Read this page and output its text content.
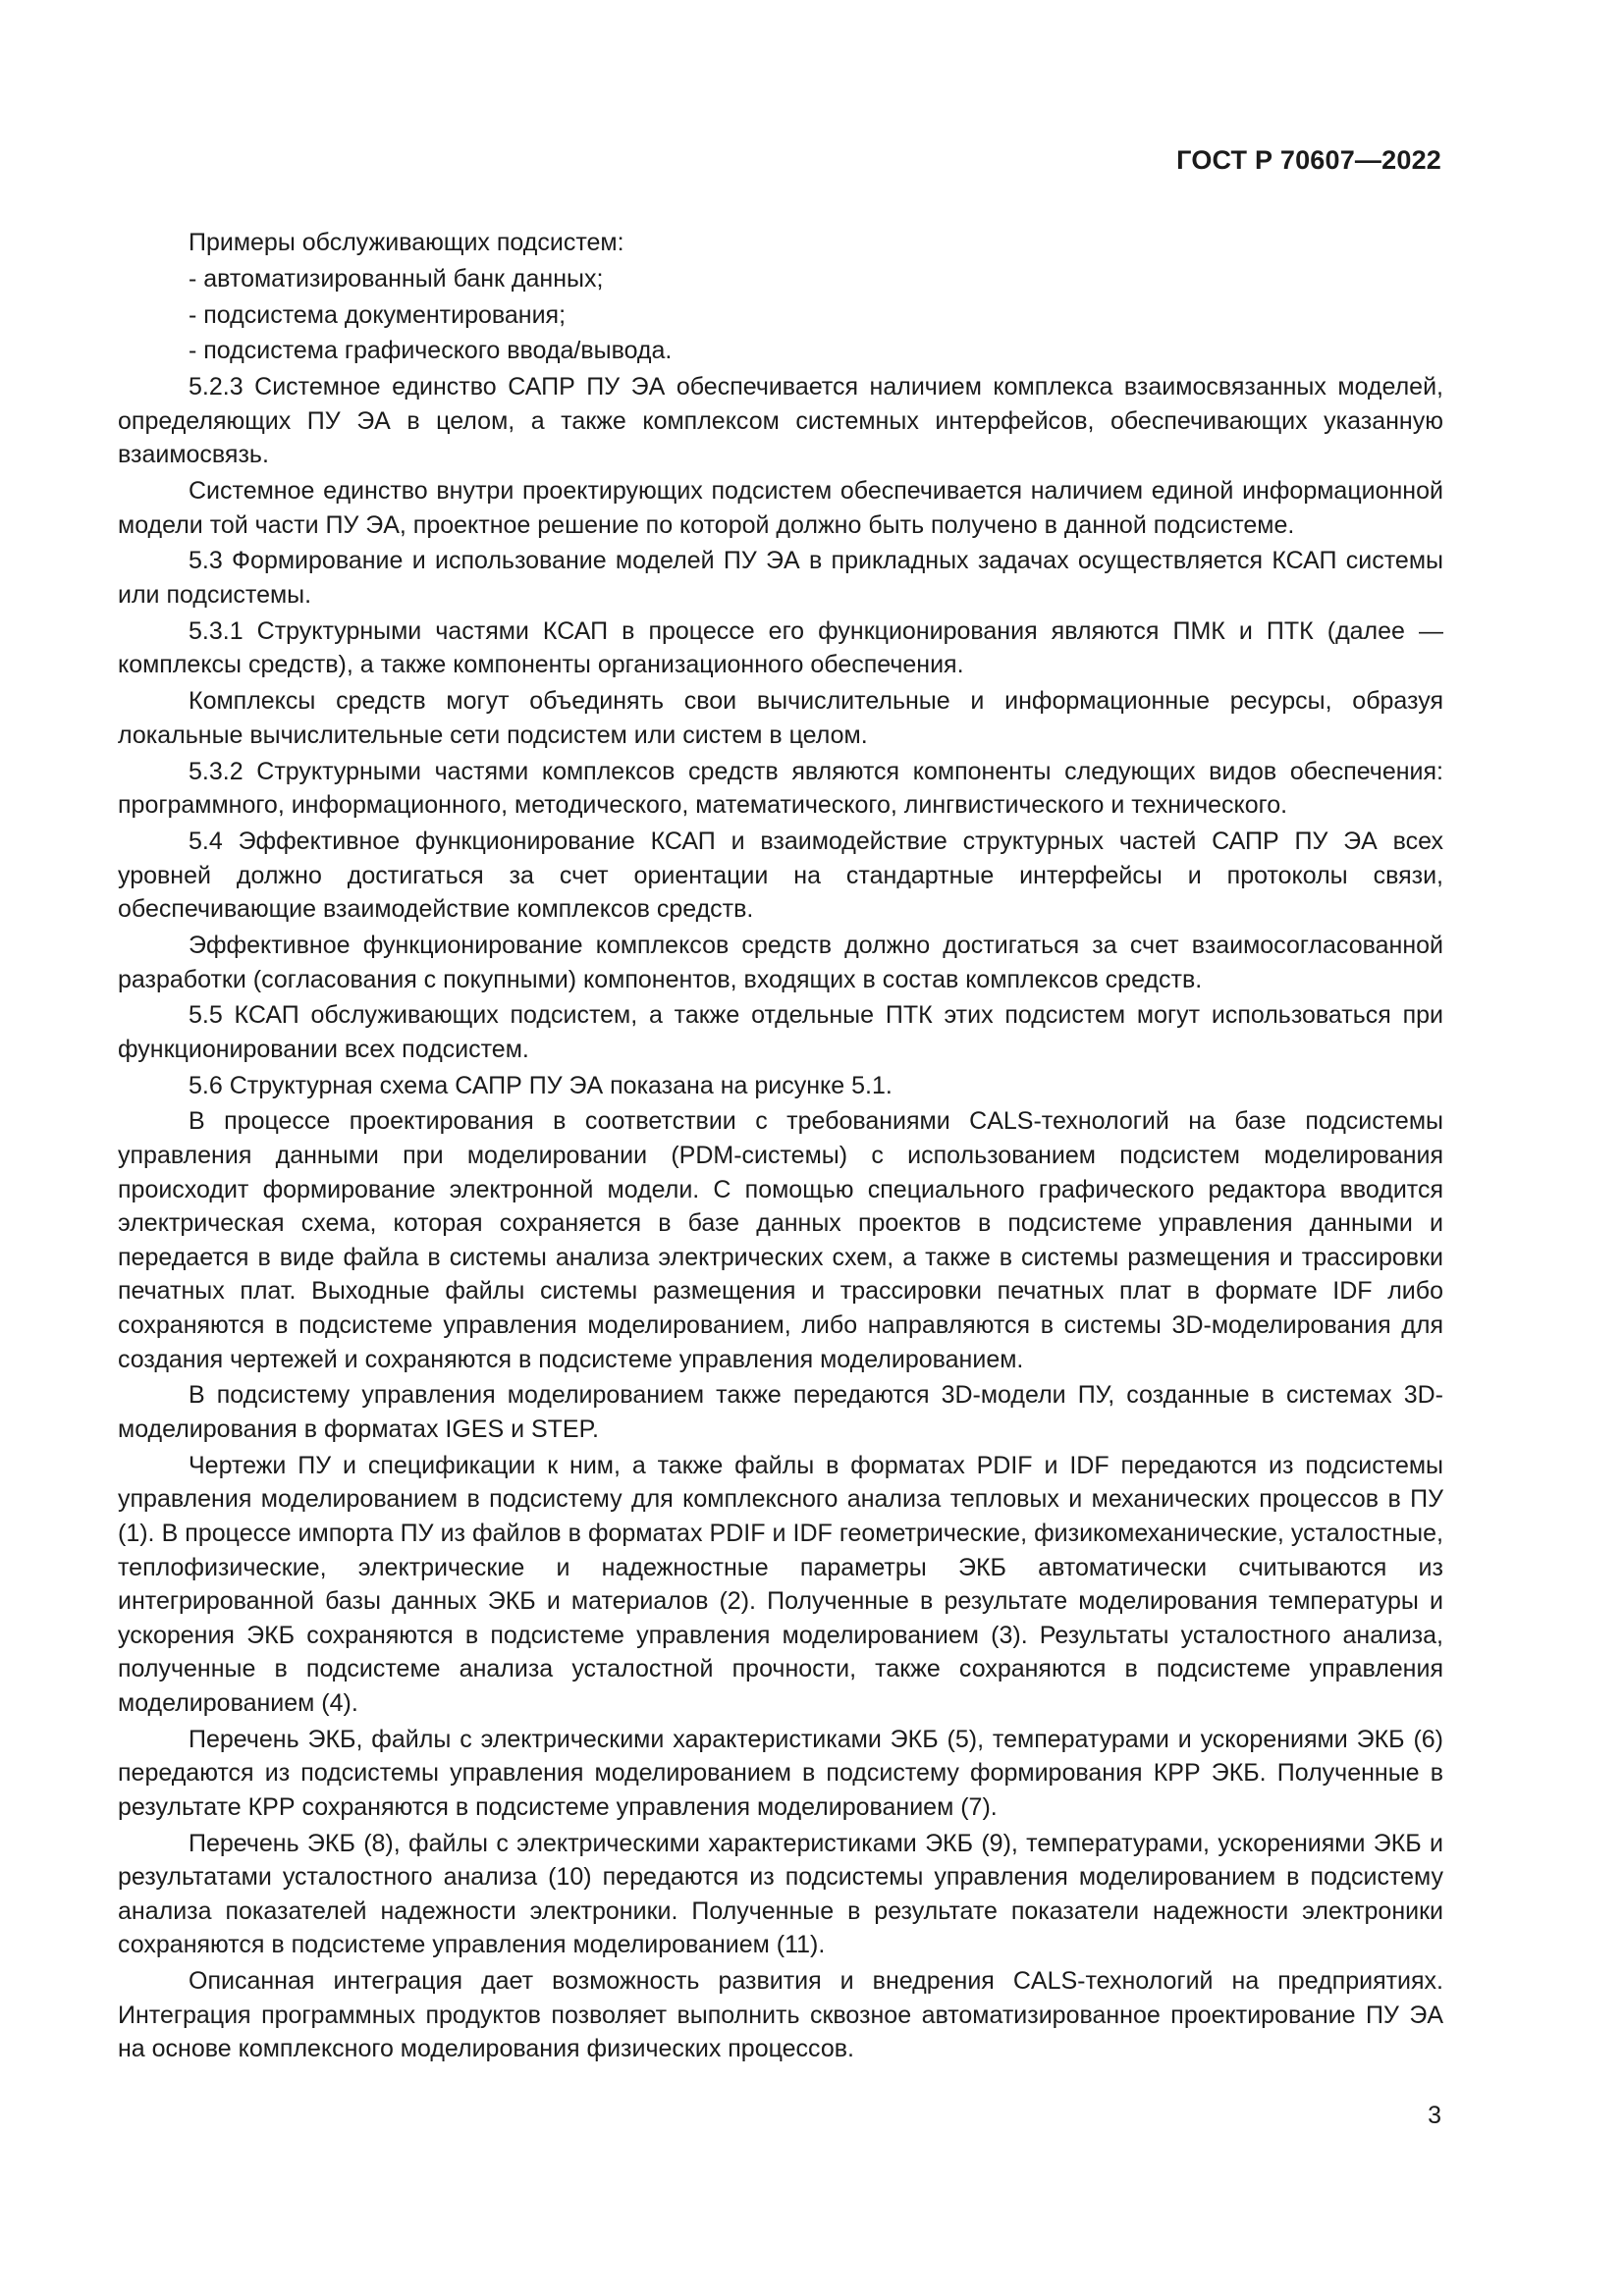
ГОСТ Р 70607—2022

Примеры обслуживающих подсистем:

- автоматизированный банк данных;

- подсистема документирования;

- подсистема графического ввода/вывода.

5.2.3 Системное единство САПР ПУ ЭА обеспечивается наличием комплекса взаимосвязанных моделей, определяющих ПУ ЭА в целом, а также комплексом системных интерфейсов, обеспечивающих указанную взаимосвязь.

Системное единство внутри проектирующих подсистем обеспечивается наличием единой информационной модели той части ПУ ЭА, проектное решение по которой должно быть получено в данной подсистеме.

5.3 Формирование и использование моделей ПУ ЭА в прикладных задачах осуществляется КСАП системы или подсистемы.

5.3.1 Структурными частями КСАП в процессе его функционирования являются ПМК и ПТК (далее — комплексы средств), а также компоненты организационного обеспечения.

Комплексы средств могут объединять свои вычислительные и информационные ресурсы, образуя локальные вычислительные сети подсистем или систем в целом.

5.3.2 Структурными частями комплексов средств являются компоненты следующих видов обеспечения: программного, информационного, методического, математического, лингвистического и технического.

5.4 Эффективное функционирование КСАП и взаимодействие структурных частей САПР ПУ ЭА всех уровней должно достигаться за счет ориентации на стандартные интерфейсы и протоколы связи, обеспечивающие взаимодействие комплексов средств.

Эффективное функционирование комплексов средств должно достигаться за счет взаимосогласованной разработки (согласования с покупными) компонентов, входящих в состав комплексов средств.

5.5 КСАП обслуживающих подсистем, а также отдельные ПТК этих подсистем могут использоваться при функционировании всех подсистем.

5.6 Структурная схема САПР ПУ ЭА показана на рисунке 5.1.

В процессе проектирования в соответствии с требованиями CALS-технологий на базе подсистемы управления данными при моделировании (PDM-системы) с использованием подсистем моделирования происходит формирование электронной модели. С помощью специального графического редактора вводится электрическая схема, которая сохраняется в базе данных проектов в подсистеме управления данными и передается в виде файла в системы анализа электрических схем, а также в системы размещения и трассировки печатных плат. Выходные файлы системы размещения и трассировки печатных плат в формате IDF либо сохраняются в подсистеме управления моделированием, либо направляются в системы 3D-моделирования для создания чертежей и сохраняются в подсистеме управления моделированием.

В подсистему управления моделированием также передаются 3D-модели ПУ, созданные в системах 3D-моделирования в форматах IGES и STEP.

Чертежи ПУ и спецификации к ним, а также файлы в форматах PDIF и IDF передаются из подсистемы управления моделированием в подсистему для комплексного анализа тепловых и механических процессов в ПУ (1). В процессе импорта ПУ из файлов в форматах PDIF и IDF геометрические, физикомеханические, усталостные, теплофизические, электрические и надежностные параметры ЭКБ автоматически считываются из интегрированной базы данных ЭКБ и материалов (2). Полученные в результате моделирования температуры и ускорения ЭКБ сохраняются в подсистеме управления моделированием (3). Результаты усталостного анализа, полученные в подсистеме анализа усталостной прочности, также сохраняются в подсистеме управления моделированием (4).

Перечень ЭКБ, файлы с электрическими характеристиками ЭКБ (5), температурами и ускорениями ЭКБ (6) передаются из подсистемы управления моделированием в подсистему формирования КРР ЭКБ. Полученные в результате КРР сохраняются в подсистеме управления моделированием (7).

Перечень ЭКБ (8), файлы с электрическими характеристиками ЭКБ (9), температурами, ускорениями ЭКБ и результатами усталостного анализа (10) передаются из подсистемы управления моделированием в подсистему анализа показателей надежности электроники. Полученные в результате показатели надежности электроники сохраняются в подсистеме управления моделированием (11).

Описанная интеграция дает возможность развития и внедрения CALS-технологий на предприятиях. Интеграция программных продуктов позволяет выполнить сквозное автоматизированное проектирование ПУ ЭА на основе комплексного моделирования физических процессов.

3
